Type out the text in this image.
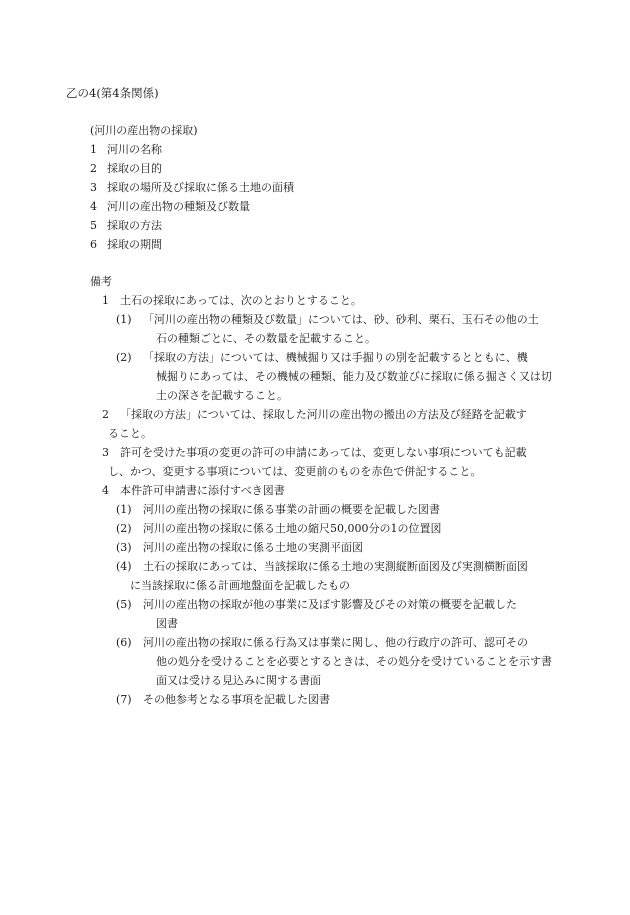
乙の4(第4条関係)
(河川の産出物の採取)
1 河川の名称
2 採取の目的
3 採取の場所及び採取に係る土地の面積
4 河川の産出物の種類及び数量
5 採取の方法
6 採取の期間
備考
1 土石の採取にあっては、次のとおりとすること。
(1) 「河川の産出物の種類及び数量」については、砂、砂利、栗石、玉石その他の土
石の種類ごとに、その数量を記載すること。
(2) 「採取の方法」については、機械掘り又は手掘りの別を記載するとともに、機
械掘りにあっては、その機械の種類、能力及び数並びに採取に係る掘さく又は切
土の深さを記載すること。
2 「採取の方法」については、採取した河川の産出物の搬出の方法及び経路を記載す
ること。
3 許可を受けた事項の変更の許可の申請にあっては、変更しない事項についても記載
し、かつ、変更する事項については、変更前のものを赤色で併記すること。
4 本件許可申請書に添付すべき図書
(1) 河川の産出物の採取に係る事業の計画の概要を記載した図書
(2) 河川の産出物の採取に係る土地の縮尺50,000分の1の位置図
(3) 河川の産出物の採取に係る土地の実測平面図
(4) 土石の採取にあっては、当該採取に係る土地の実測縦断面図及び実測横断面図
に当該採取に係る計画地盤面を記載したもの
(5) 河川の産出物の採取が他の事業に及ぼす影響及びその対策の概要を記載した
図書
(6) 河川の産出物の採取に係る行為又は事業に関し、他の行政庁の許可、認可その
他の処分を受けることを必要とするときは、その処分を受けていることを示す書
面又は受ける見込みに関する書面
(7) その他参考となる事項を記載した図書
